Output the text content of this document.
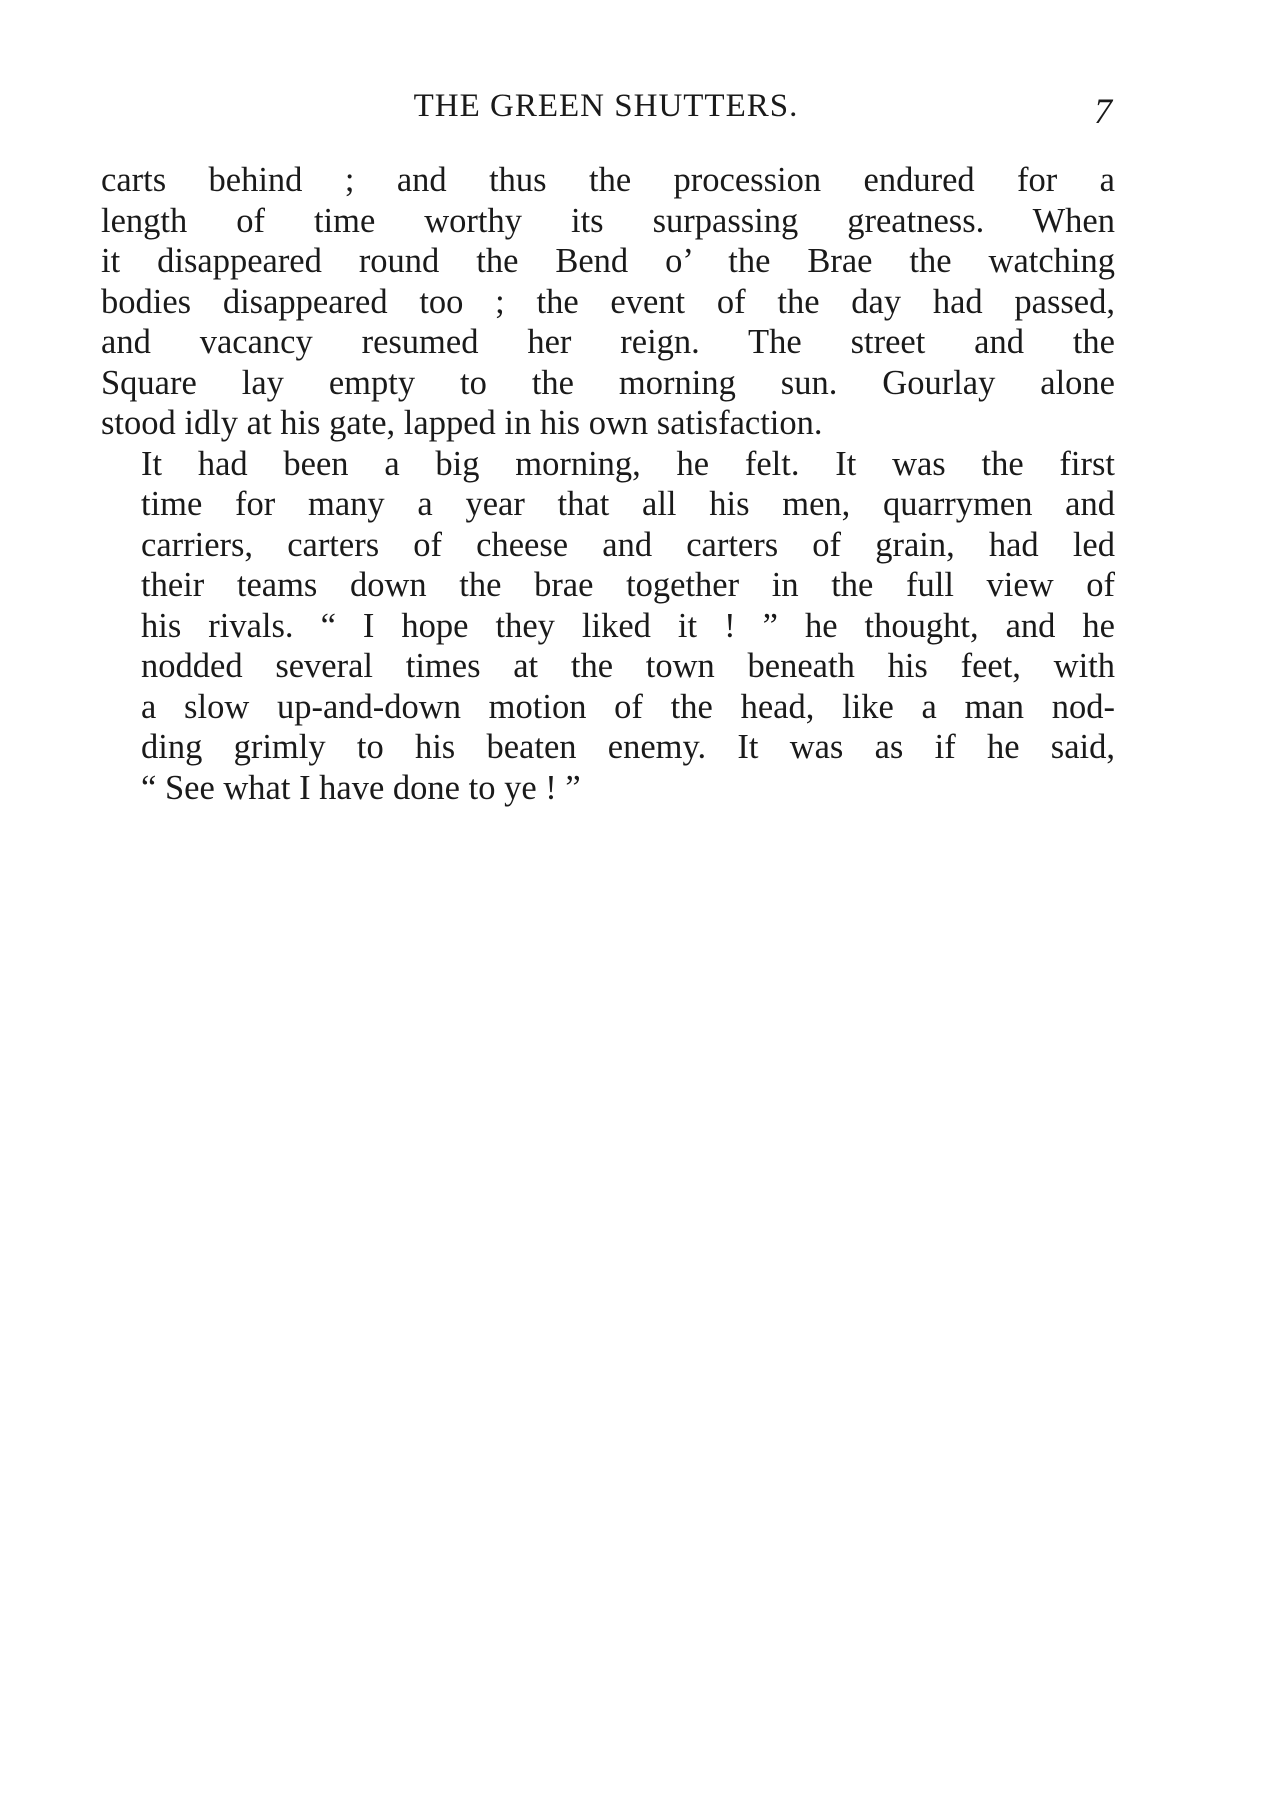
THE GREEN SHUTTERS.	7

carts behind ; and thus the procession endured for a
length of time worthy its surpassing greatness. When
it disappeared round the Bend o’ the Brae the watching
bodies disappeared too ; the event of the day had passed,
and vacancy resumed her reign. The street and the
Square lay empty to the morning sun. Gourlay alone
stood idly at his gate, lapped in his own satisfaction.

It had been a big morning, he felt. It was the first
time for many a year that all his men, quarrymen and
carriers, carters of cheese and carters of grain, had led
their teams down the brae together in the full view of
his rivals. “ I hope they liked it ! ” he thought, and he
nodded several times at the town beneath his feet, with
a slow up-and-down motion of the head, like a man nod-
ding grimly to his beaten enemy. It was as if he said,
“ See what I have done to ye ! ”
